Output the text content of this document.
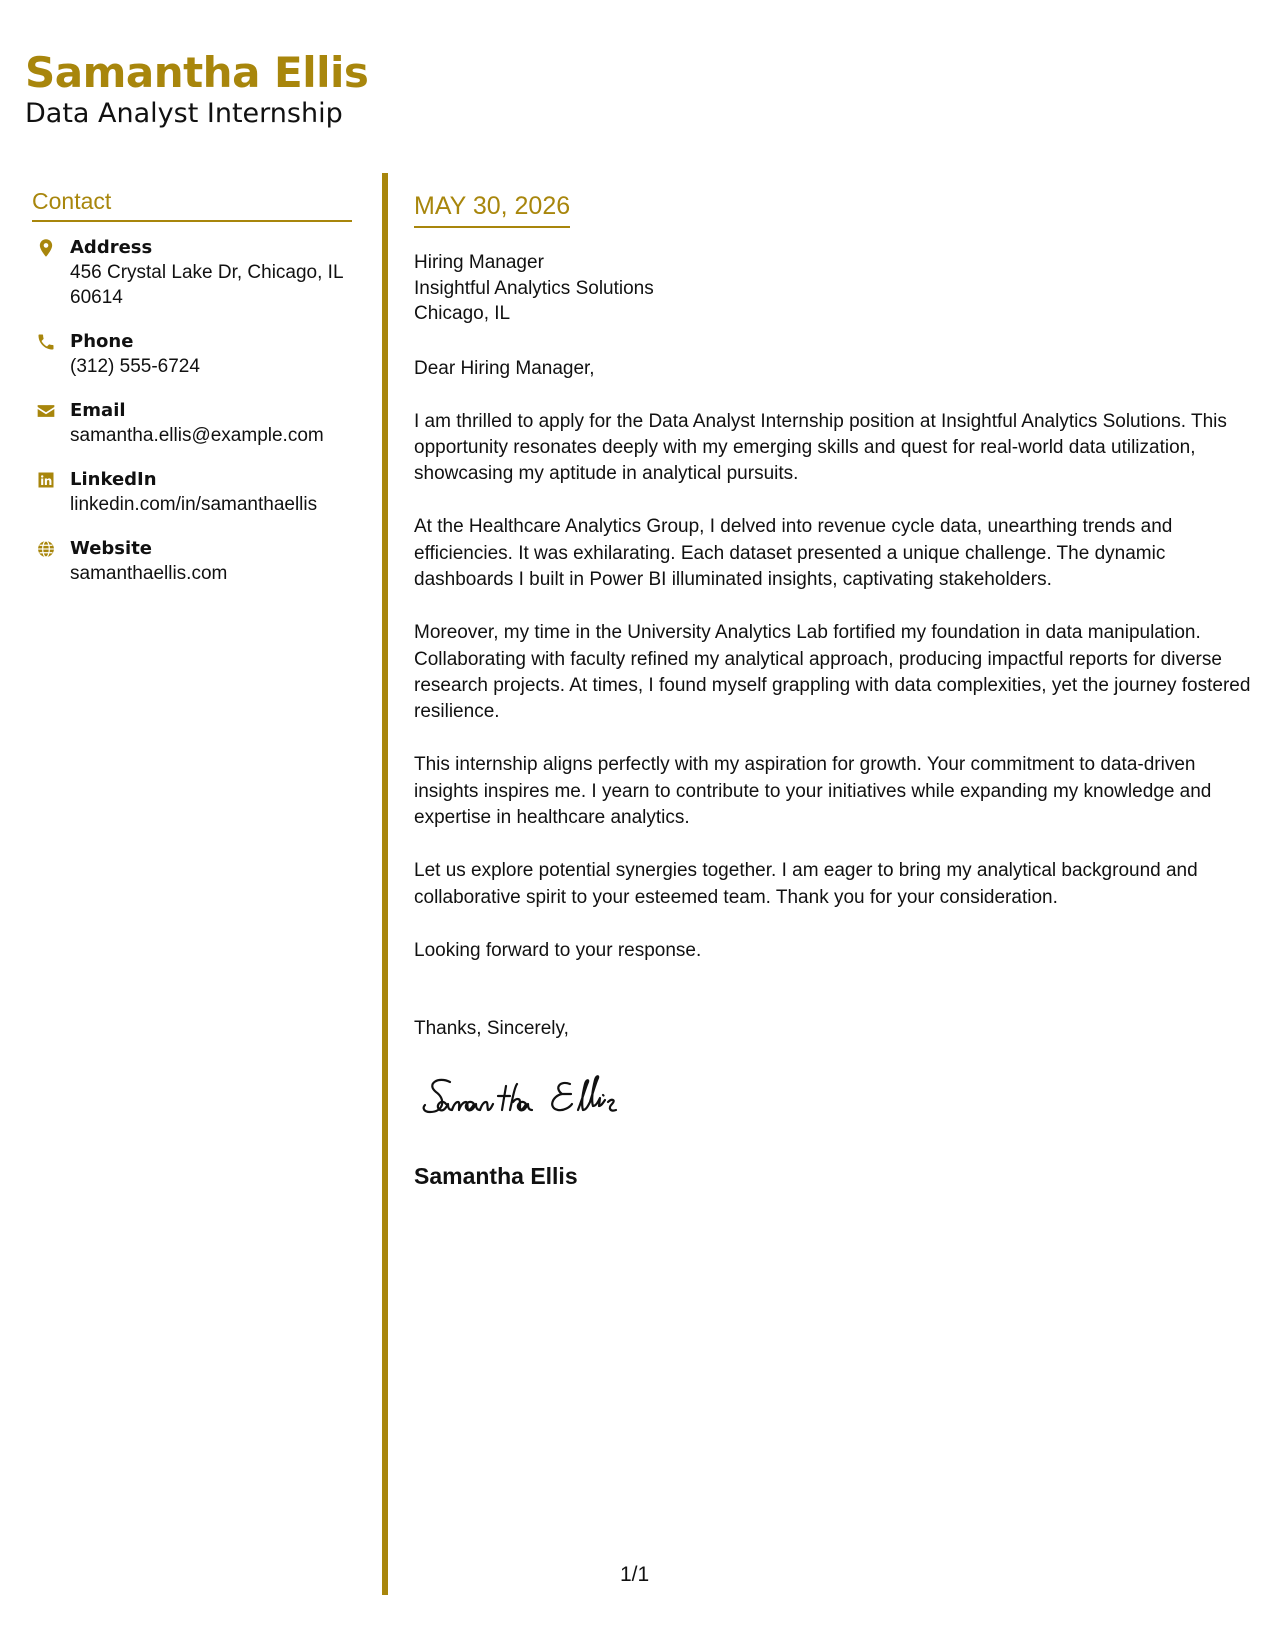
Samantha Ellis
Data Analyst Internship
Contact
Address
456 Crystal Lake Dr, Chicago, IL 60614
Phone
(312) 555-6724
Email
samantha.ellis@example.com
LinkedIn
linkedin.com/in/samanthaellis
Website
samanthaellis.com
MAY 30, 2026
Hiring Manager
Insightful Analytics Solutions
Chicago, IL
Dear Hiring Manager,
I am thrilled to apply for the Data Analyst Internship position at Insightful Analytics Solutions. This opportunity resonates deeply with my emerging skills and quest for real-world data utilization, showcasing my aptitude in analytical pursuits.
At the Healthcare Analytics Group, I delved into revenue cycle data, unearthing trends and efficiencies. It was exhilarating. Each dataset presented a unique challenge. The dynamic dashboards I built in Power BI illuminated insights, captivating stakeholders.
Moreover, my time in the University Analytics Lab fortified my foundation in data manipulation. Collaborating with faculty refined my analytical approach, producing impactful reports for diverse research projects. At times, I found myself grappling with data complexities, yet the journey fostered resilience.
This internship aligns perfectly with my aspiration for growth. Your commitment to data-driven insights inspires me. I yearn to contribute to your initiatives while expanding my knowledge and expertise in healthcare analytics.
Let us explore potential synergies together. I am eager to bring my analytical background and collaborative spirit to your esteemed team. Thank you for your consideration.
Looking forward to your response.
Thanks, Sincerely,
Samantha Ellis
1/1
